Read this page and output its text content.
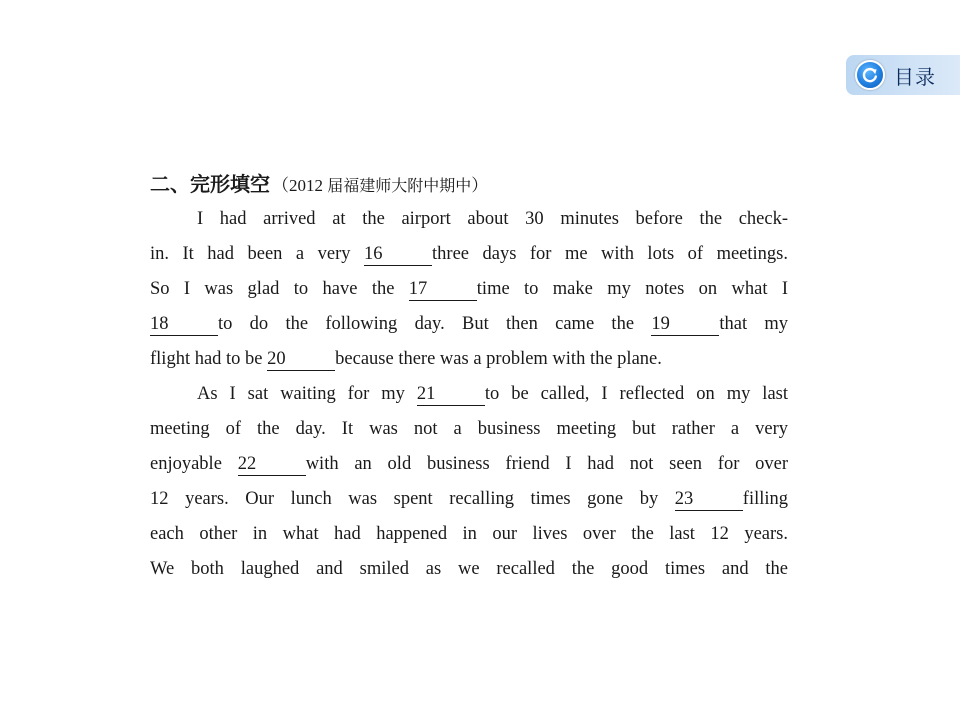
目录
二、 完形填空 （2012 届福建师大附中期中）
I had arrived at the airport about 30 minutes before the check-
in. It had been a very 16	three days for me with lots of meetings.
So I was glad to have the 17	time to make my notes on what I
18	to do the following day. But then came the 19	that my
flight had to be 20	because there was a problem with the plane.
As I sat waiting for my 21	to be called, I reflected on my last
meeting of the day. It was not a business meeting but rather a very
enjoyable 22	with an old business friend I had not seen for over
12 years. Our lunch was spent recalling times gone by 23	filling
each other in what had happened in our lives over the last 12 years.
We both laughed and smiled as we recalled the good times and the
